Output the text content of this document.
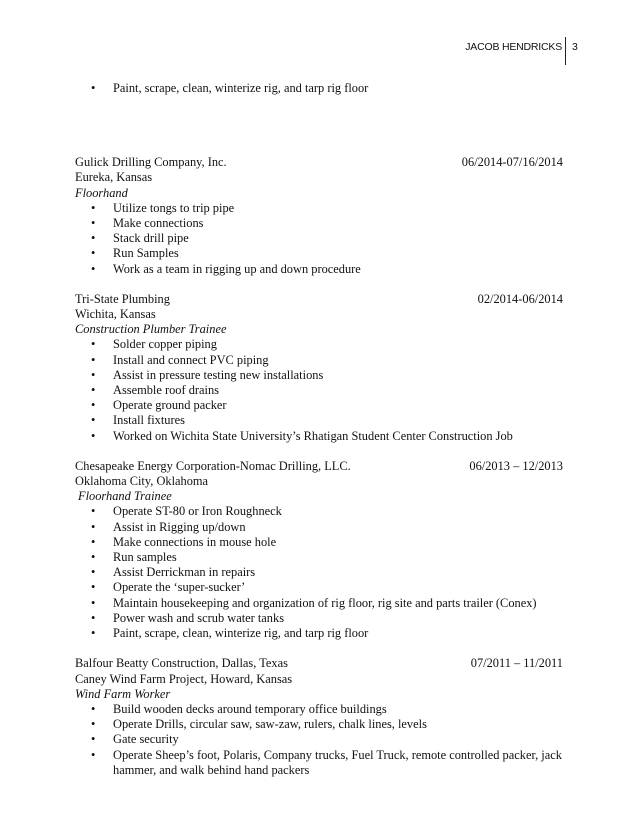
JACOB HENDRICKS 3
• Paint, scrape, clean, winterize rig, and tarp rig floor
Gulick Drilling Company, Inc.	06/2014-07/16/2014
Eureka, Kansas
Floorhand
• Utilize tongs to trip pipe
• Make connections
• Stack drill pipe
• Run Samples
• Work as a team in rigging up and down procedure
Tri-State Plumbing	02/2014-06/2014
Wichita, Kansas
Construction Plumber Trainee
• Solder copper piping
• Install and connect PVC piping
• Assist in pressure testing new installations
• Assemble roof drains
• Operate ground packer
• Install fixtures
• Worked on Wichita State University’s Rhatigan Student Center Construction Job
Chesapeake Energy Corporation-Nomac Drilling, LLC.	06/2013 – 12/2013
Oklahoma City, Oklahoma
Floorhand Trainee
• Operate ST-80 or Iron Roughneck
• Assist in Rigging up/down
• Make connections in mouse hole
• Run samples
• Assist Derrickman in repairs
• Operate the ‘super-sucker’
• Maintain housekeeping and organization of rig floor, rig site and parts trailer (Conex)
• Power wash and scrub water tanks
• Paint, scrape, clean, winterize rig, and tarp rig floor
Balfour Beatty Construction, Dallas, Texas	07/2011 – 11/2011
Caney Wind Farm Project, Howard, Kansas
Wind Farm Worker
• Build wooden decks around temporary office buildings
• Operate Drills, circular saw, saw-zaw, rulers, chalk lines, levels
• Gate security
• Operate Sheep’s foot, Polaris, Company trucks, Fuel Truck, remote controlled packer, jack hammer, and walk behind hand packers
